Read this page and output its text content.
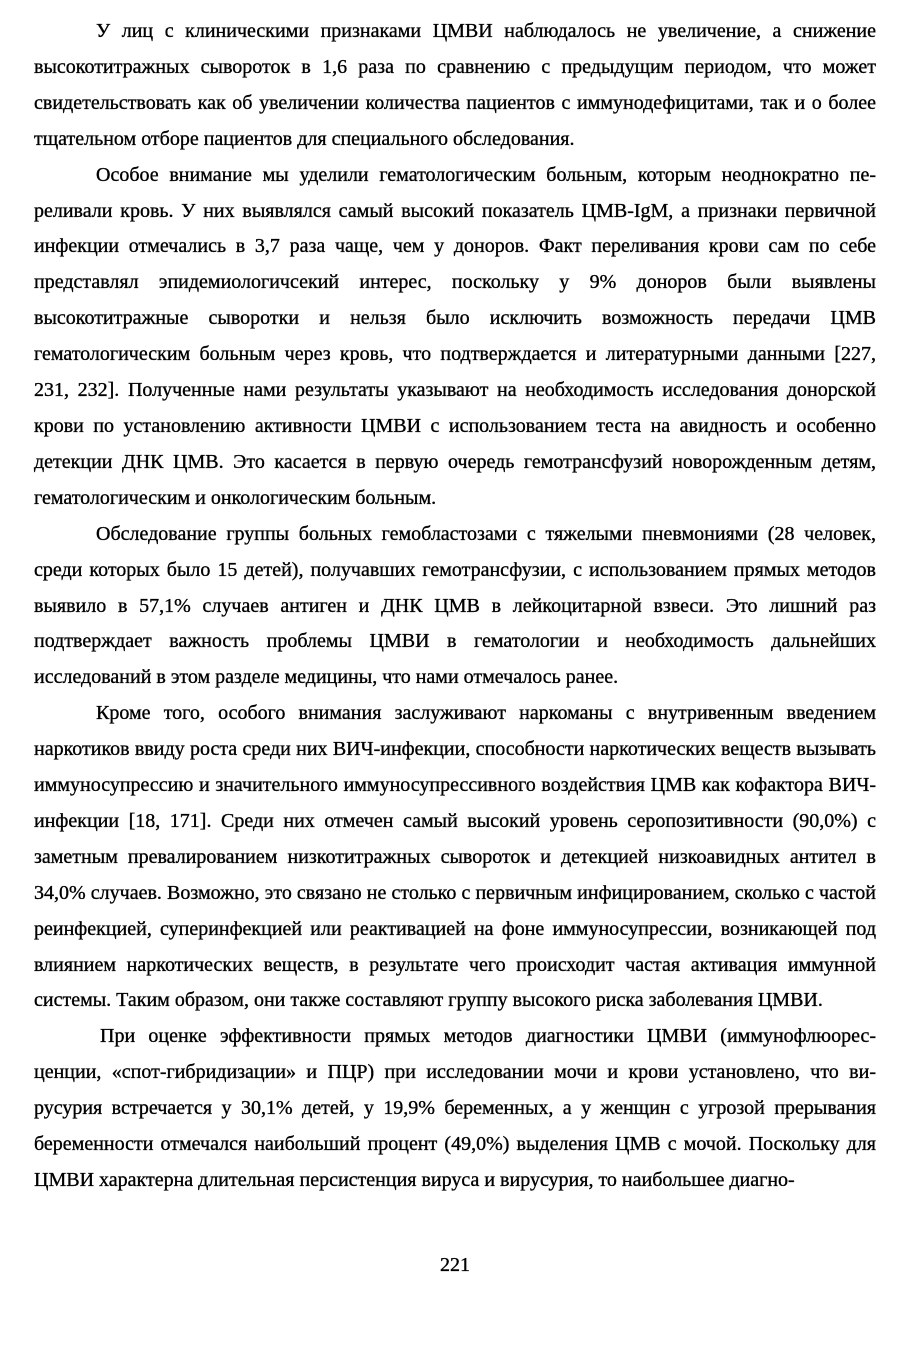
У лиц с клиническими признаками ЦМВИ наблюдалось не увеличение, а снижение высокотитражных сывороток в 1,6 раза по сравнению с предыдущим периодом, что может свидетельствовать как об увеличении количества пациентов с иммунодефицитами, так и о более тщательном отборе пациентов для специального обследования.

Особое внимание мы уделили гематологическим больным, которым неоднократно переливали кровь. У них выявлялся самый высокий показатель ЦМВ-IgM, а признаки первичной инфекции отмечались в 3,7 раза чаще, чем у доноров. Факт переливания крови сам по себе представлял эпидемиологичсекий интерес, поскольку у 9% доноров были выявлены высокотитражные сыворотки и нельзя было исключить возможность передачи ЦМВ гематологическим больным через кровь, что подтверждается и литературными данными [227, 231, 232]. Полученные нами результаты указывают на необходимость исследования донорской крови по установлению активности ЦМВИ с использованием теста на авидность и особенно детекции ДНК ЦМВ. Это касается в первую очередь гемотрансфузий новорожденным детям, гематологическим и онкологическим больным.

Обследование группы больных гемобластозами с тяжелыми пневмониями (28 человек, среди которых было 15 детей), получавших гемотрансфузии, с использованием прямых методов выявило в 57,1% случаев антиген и ДНК ЦМВ в лейкоцитарной взвеси. Это лишний раз подтверждает важность проблемы ЦМВИ в гематологии и необходимость дальнейших исследований в этом разделе медицины, что нами отмечалось ранее.

Кроме того, особого внимания заслуживают наркоманы с внутривенным введением наркотиков ввиду роста среди них ВИЧ-инфекции, способности наркотических веществ вызывать иммуносупрессию и значительного иммуносупрессивного воздействия ЦМВ как кофактора ВИЧ-инфекции [18, 171]. Среди них отмечен самый высокий уровень серопозитивности (90,0%) с заметным превалированием низкотитражных сывороток и детекцией низкоавидных антител в 34,0% случаев. Возможно, это связано не столько с первичным инфицированием, сколько с частой реинфекцией, суперинфекцией или реактивацией на фоне иммуносупрессии, возникающей под влиянием наркотических веществ, в результате чего происходит частая активация иммунной системы. Таким образом, они также составляют группу высокого риска заболевания ЦМВИ.

При оценке эффективности прямых методов диагностики ЦМВИ (иммунофлюоресценции, «спот-гибридизации» и ПЦР) при исследовании мочи и крови установлено, что вирусурия встречается у 30,1% детей, у 19,9% беременных, а у женщин с угрозой прерывания беременности отмечался наибольший процент (49,0%) выделения ЦМВ с мочой. Поскольку для ЦМВИ характерна длительная персистенция вируса и вирусурия, то наибольшее диагно-

221
